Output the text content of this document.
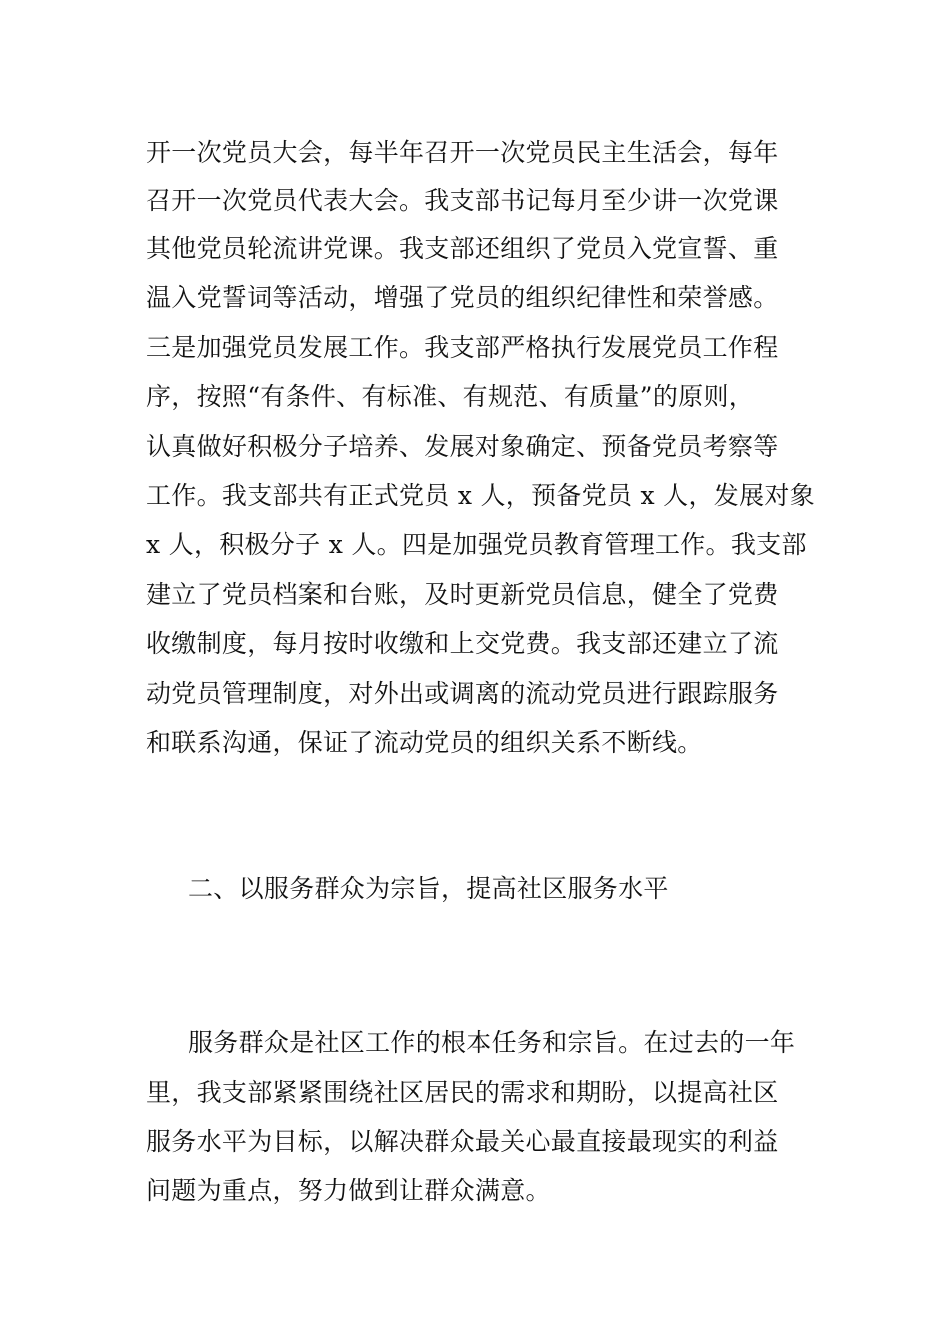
开一次党员大会，每半年召开一次党员民主生活会，每年
召开一次党员代表大会。我支部书记每月至少讲一次党课
其他党员轮流讲党课。我支部还组织了党员入党宣誓、重
温入党誓词等活动，增强了党员的组织纪律性和荣誉感。
三是加强党员发展工作。我支部严格执行发展党员工作程
序，按照“有条件、有标准、有规范、有质量”的原则，
认真做好积极分子培养、发展对象确定、预备党员考察等
工作。我支部共有正式党员 x 人，预备党员 x 人，发展对象
x 人，积极分子 x 人。四是加强党员教育管理工作。我支部
建立了党员档案和台账，及时更新党员信息，健全了党费
收缴制度，每月按时收缴和上交党费。我支部还建立了流
动党员管理制度，对外出或调离的流动党员进行跟踪服务
和联系沟通，保证了流动党员的组织关系不断线。
二、以服务群众为宗旨，提高社区服务水平
服务群众是社区工作的根本任务和宗旨。在过去的一年
里，我支部紧紧围绕社区居民的需求和期盼，以提高社区
服务水平为目标，以解决群众最关心最直接最现实的利益
问题为重点，努力做到让群众满意。
